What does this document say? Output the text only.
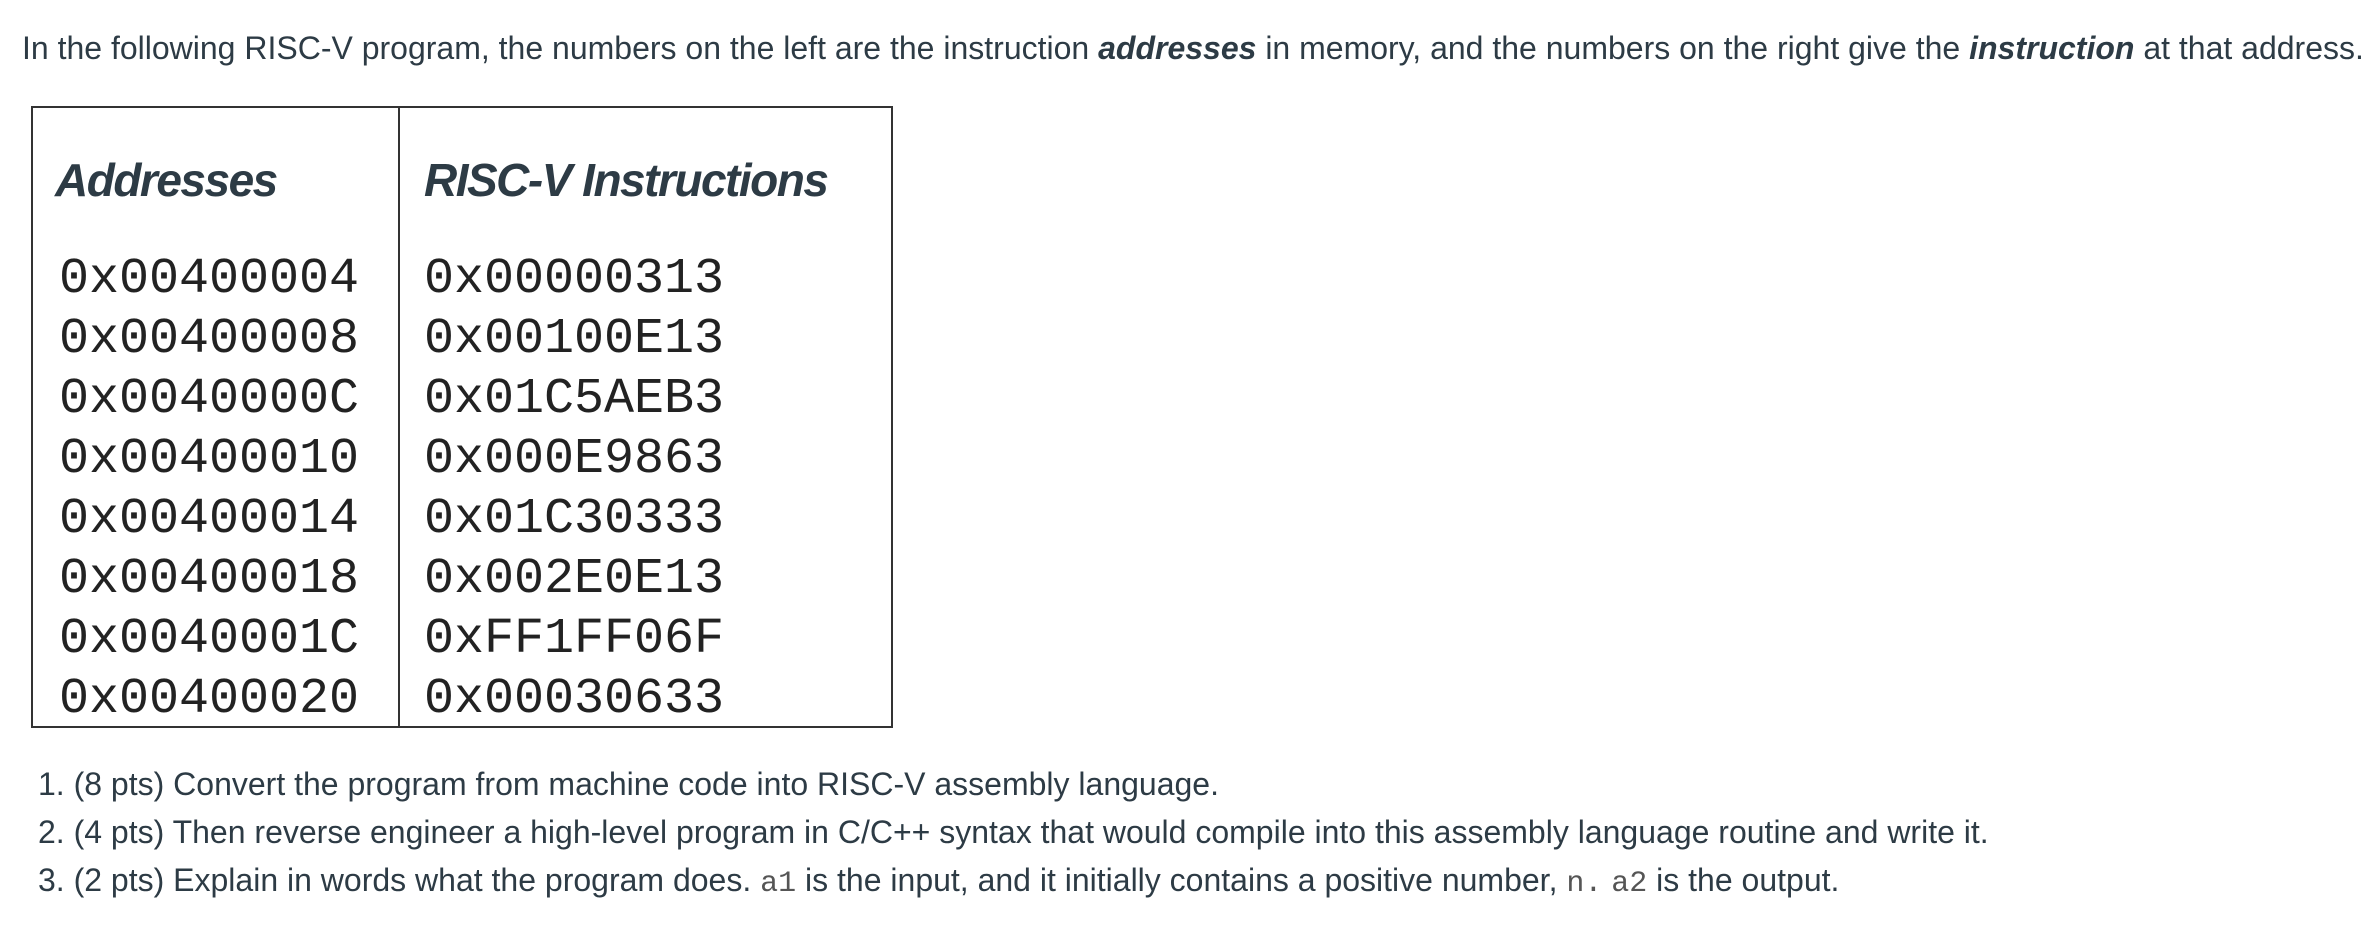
In the following RISC-V program, the numbers on the left are the instruction addresses in memory, and the numbers on the right give the instruction at that address.

Addresses
0x00400004
0x00400008
0x0040000C
0x00400010
0x00400014
0x00400018
0x0040001C
0x00400020
RISC-V Instructions
0x00000313
0x00100E13
0x01C5AEB3
0x000E9863
0x01C30333
0x002E0E13
0xFF1FF06F
0x00030633
1. (8 pts) Convert the program from machine code into RISC-V assembly language.
2. (4 pts) Then reverse engineer a high-level program in C/C++ syntax that would compile into this assembly language routine and write it.
3. (2 pts) Explain in words what the program does. a1 is the input, and it initially contains a positive number, n. a2 is the output.
